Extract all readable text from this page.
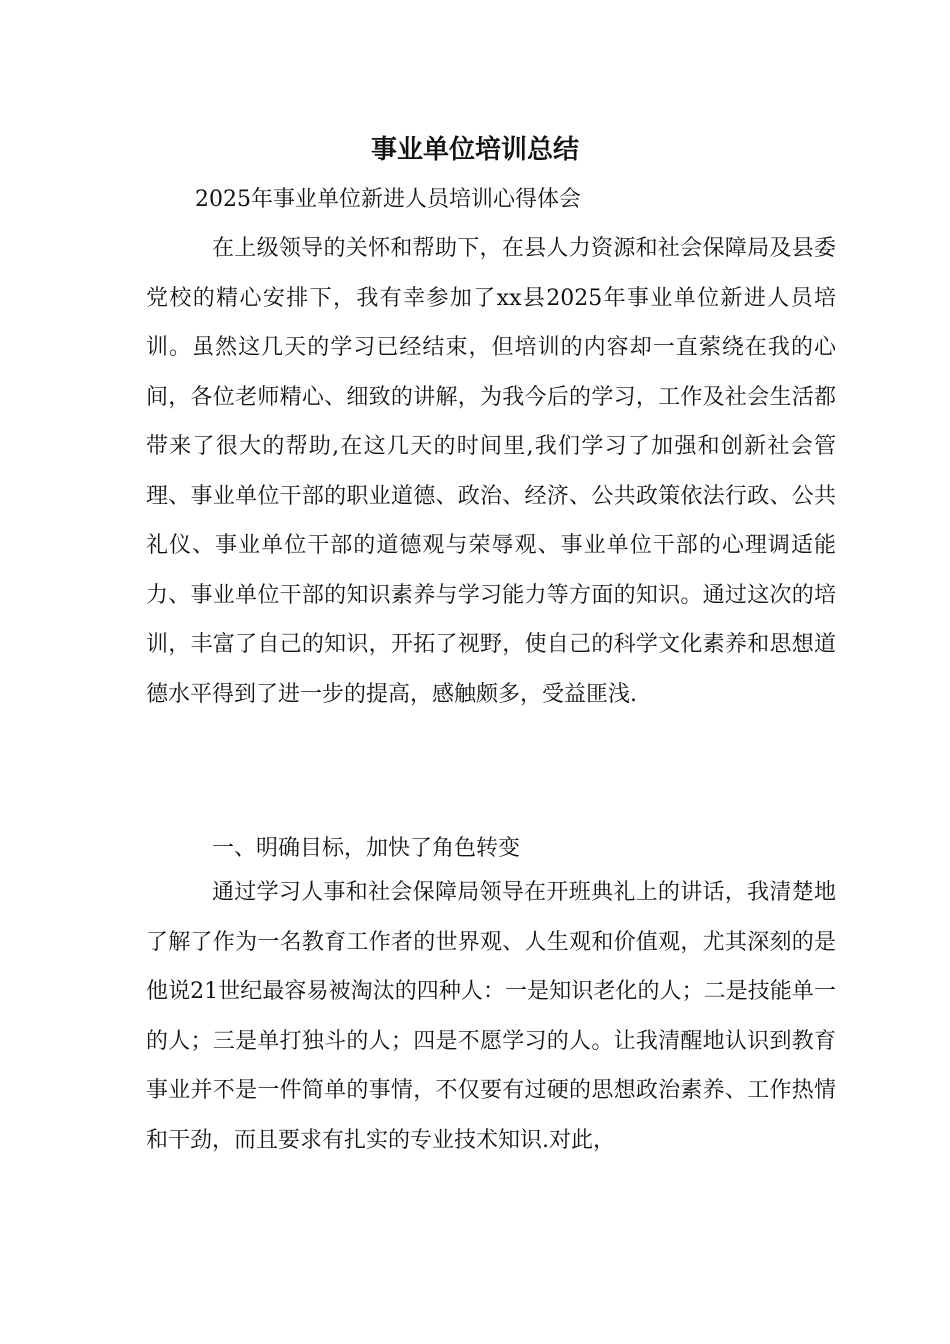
事业单位培训总结

2025年事业单位新进人员培训心得体会

在上级领导的关怀和帮助下，在县人力资源和社会保障局及县委党校的精心安排下，我有幸参加了xx县2025年事业单位新进人员培训。虽然这几天的学习已经结束，但培训的内容却一直萦绕在我的心间，各位老师精心、细致的讲解，为我今后的学习，工作及社会生活都带来了很大的帮助,在这几天的时间里,我们学习了加强和创新社会管理、事业单位干部的职业道德、政治、经济、公共政策依法行政、公共礼仪、事业单位干部的道德观与荣辱观、事业单位干部的心理调适能力、事业单位干部的知识素养与学习能力等方面的知识。通过这次的培训，丰富了自己的知识，开拓了视野，使自己的科学文化素养和思想道德水平得到了进一步的提高，感触颇多，受益匪浅.

一、明确目标，加快了角色转变

通过学习人事和社会保障局领导在开班典礼上的讲话，我清楚地了解了作为一名教育工作者的世界观、人生观和价值观，尤其深刻的是他说21世纪最容易被淘汰的四种人：一是知识老化的人；二是技能单一的人；三是单打独斗的人；四是不愿学习的人。让我清醒地认识到教育事业并不是一件简单的事情，不仅要有过硬的思想政治素养、工作热情和干劲，而且要求有扎实的专业技术知识.对此，
